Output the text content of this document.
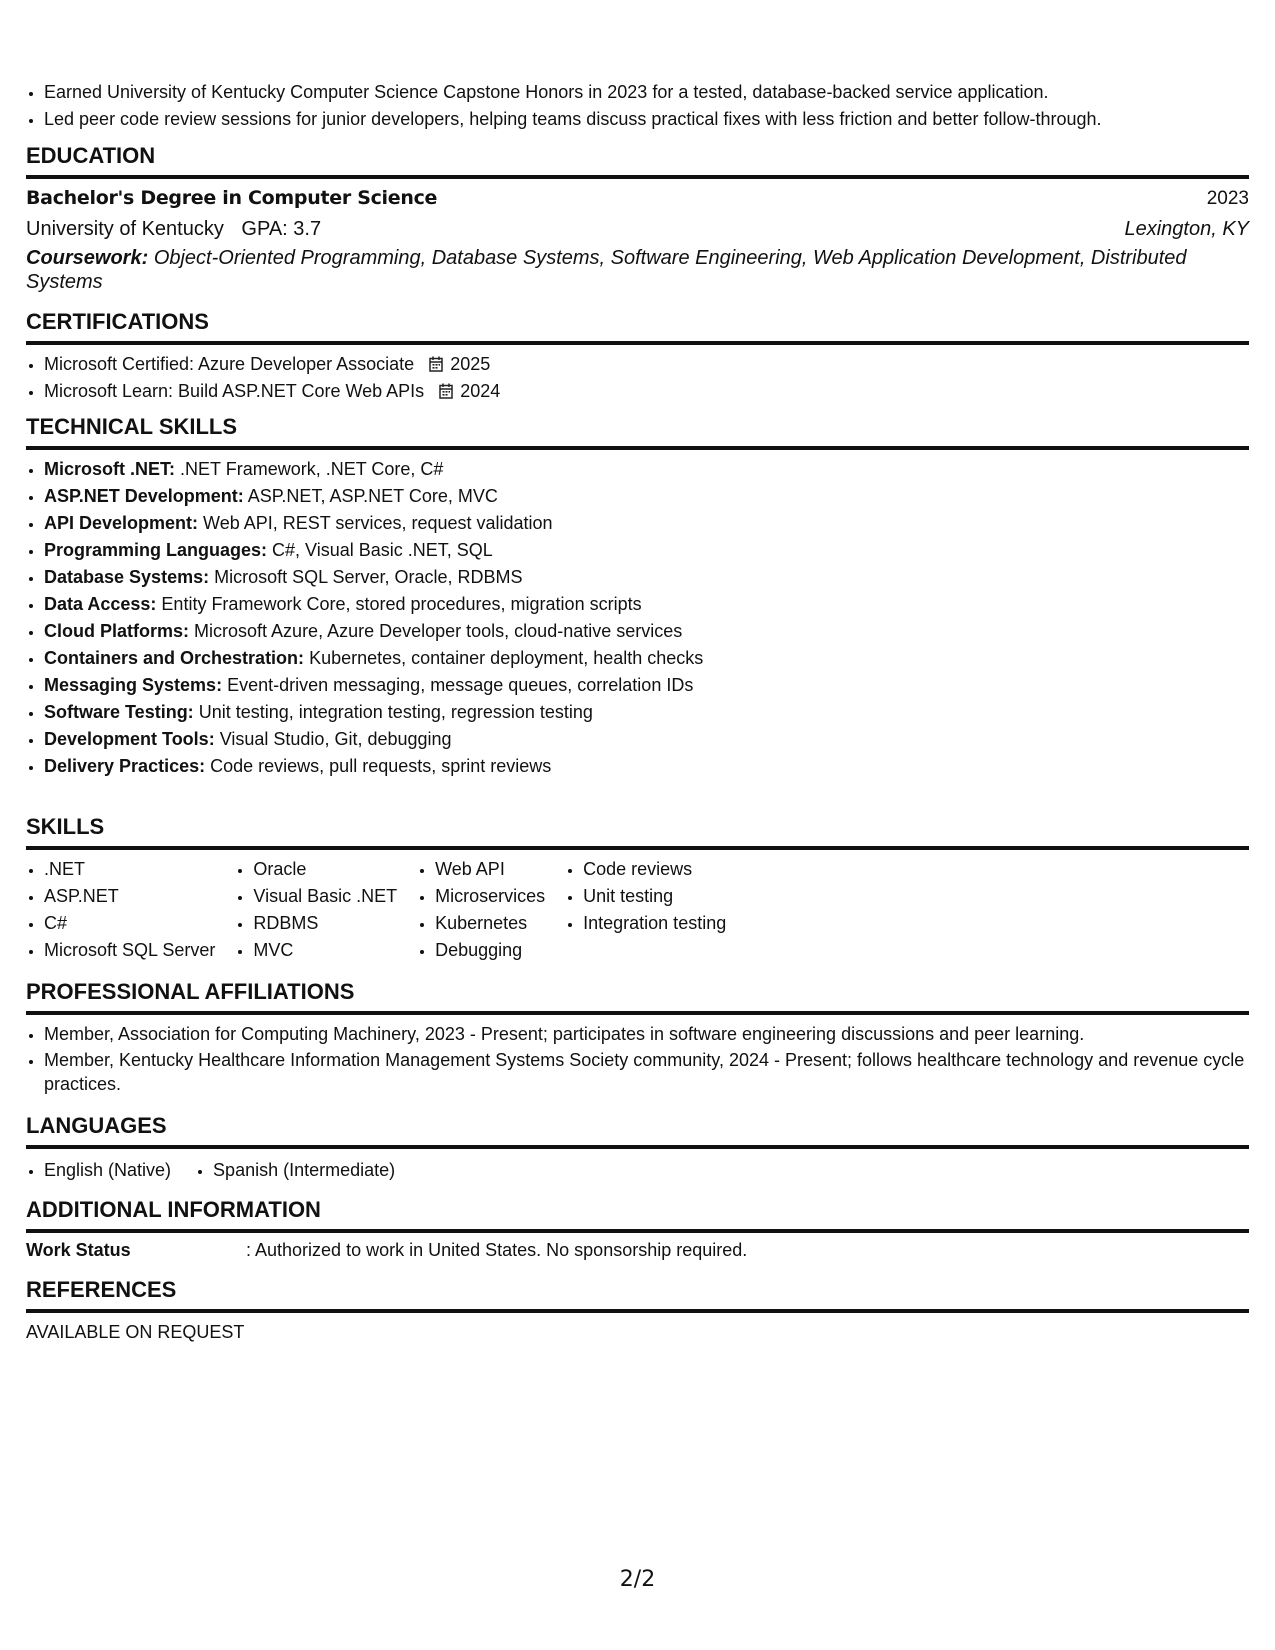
• Earned University of Kentucky Computer Science Capstone Honors in 2023 for a tested, database-backed service application.
• Led peer code review sessions for junior developers, helping teams discuss practical fixes with less friction and better follow-through.
EDUCATION
Bachelor's Degree in Computer Science	2023
University of Kentucky GPA: 3.7	Lexington, KY
Coursework: Object-Oriented Programming, Database Systems, Software Engineering, Web Application Development, Distributed Systems
CERTIFICATIONS
• Microsoft Certified: Azure Developer Associate 2025
• Microsoft Learn: Build ASP.NET Core Web APIs 2024
TECHNICAL SKILLS
• Microsoft .NET: .NET Framework, .NET Core, C#
• ASP.NET Development: ASP.NET, ASP.NET Core, MVC
• API Development: Web API, REST services, request validation
• Programming Languages: C#, Visual Basic .NET, SQL
• Database Systems: Microsoft SQL Server, Oracle, RDBMS
• Data Access: Entity Framework Core, stored procedures, migration scripts
• Cloud Platforms: Microsoft Azure, Azure Developer tools, cloud-native services
• Containers and Orchestration: Kubernetes, container deployment, health checks
• Messaging Systems: Event-driven messaging, message queues, correlation IDs
• Software Testing: Unit testing, integration testing, regression testing
• Development Tools: Visual Studio, Git, debugging
• Delivery Practices: Code reviews, pull requests, sprint reviews
SKILLS
• .NET
• ASP.NET
• C#
• Microsoft SQL Server
• Oracle
• Visual Basic .NET
• RDBMS
• MVC
• Web API
• Microservices
• Kubernetes
• Debugging
• Code reviews
• Unit testing
• Integration testing
PROFESSIONAL AFFILIATIONS
• Member, Association for Computing Machinery, 2023 - Present; participates in software engineering discussions and peer learning.
• Member, Kentucky Healthcare Information Management Systems Society community, 2024 - Present; follows healthcare technology and revenue cycle practices.
LANGUAGES
• English (Native)
• Spanish (Intermediate)
ADDITIONAL INFORMATION
Work Status	: Authorized to work in United States. No sponsorship required.
REFERENCES
AVAILABLE ON REQUEST
2/2
